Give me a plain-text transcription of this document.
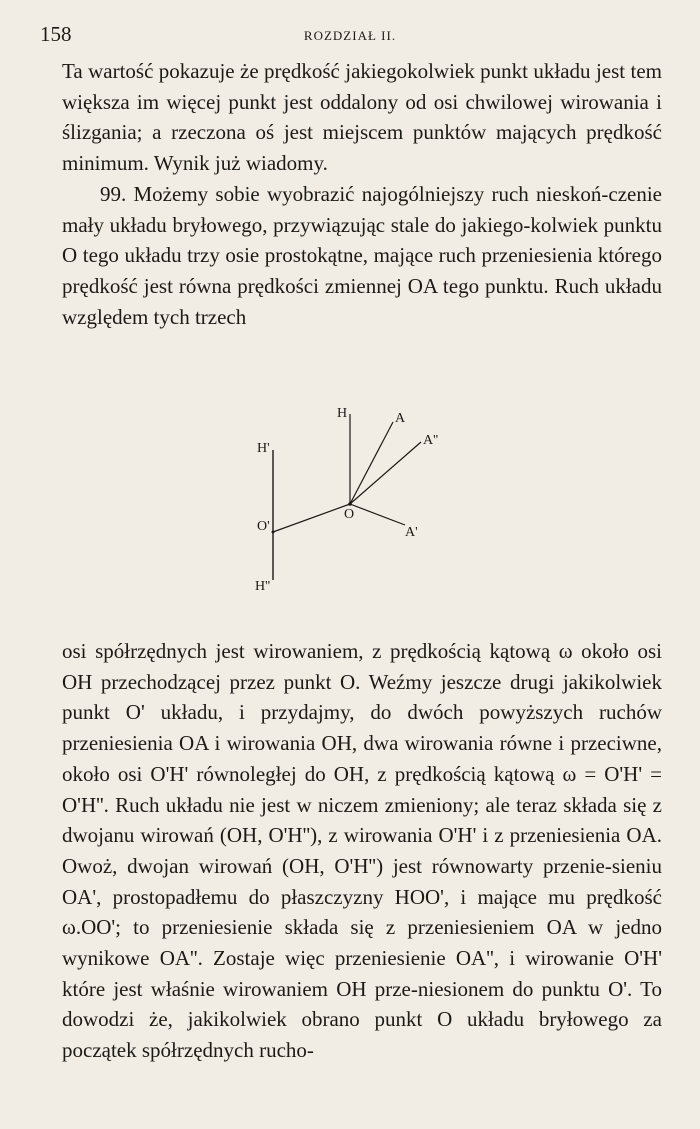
158	ROZDZIAŁ II.

Ta wartość pokazuje że prędkość jakiegokolwiek punkt układu jest tem większa im więcej punkt jest oddalony od osi chwilowej wirowania i ślizgania; a rzeczona oś jest miejscem punktów mających prędkość minimum. Wynik już wiadomy.

99. Możemy sobie wyobrazić najogólniejszy ruch nieskoń-czenie mały układu bryłowego, przywiązując stale do jakiego-kolwiek punktu O tego układu trzy osie prostokątne, mające ruch przeniesienia którego prędkość jest równa prędkości zmiennej OA tego punktu. Ruch układu względem tych trzech

H
H'
H''
A
A''
A'
O
O'

osi spółrzędnych jest wirowaniem, z prędkością kątową ω około osi OH przechodzącej przez punkt O. Weźmy jeszcze drugi jakikolwiek punkt O' układu, i przydajmy, do dwóch powyższych ruchów przeniesienia OA i wirowania OH, dwa wirowania równe i przeciwne, około osi O'H' równoległej do OH, z prędkością kątową ω = O'H' = O'H''. Ruch układu nie jest w niczem zmieniony; ale teraz składa się z dwojanu wirowań (OH, O'H''), z wirowania O'H' i z przeniesienia OA. Owoż, dwojan wirowań (OH, O'H'') jest równowarty przenie-sieniu OA', prostopadłemu do płaszczyzny HOO', i mające mu prędkość ω.OO'; to przeniesienie składa się z przeniesieniem OA w jedno wynikowe OA''. Zostaje więc przeniesienie OA'', i wirowanie O'H' które jest właśnie wirowaniem OH prze-niesionem do punktu O'. To dowodzi że, jakikolwiek obrano punkt O układu bryłowego za początek spółrzędnych rucho-
